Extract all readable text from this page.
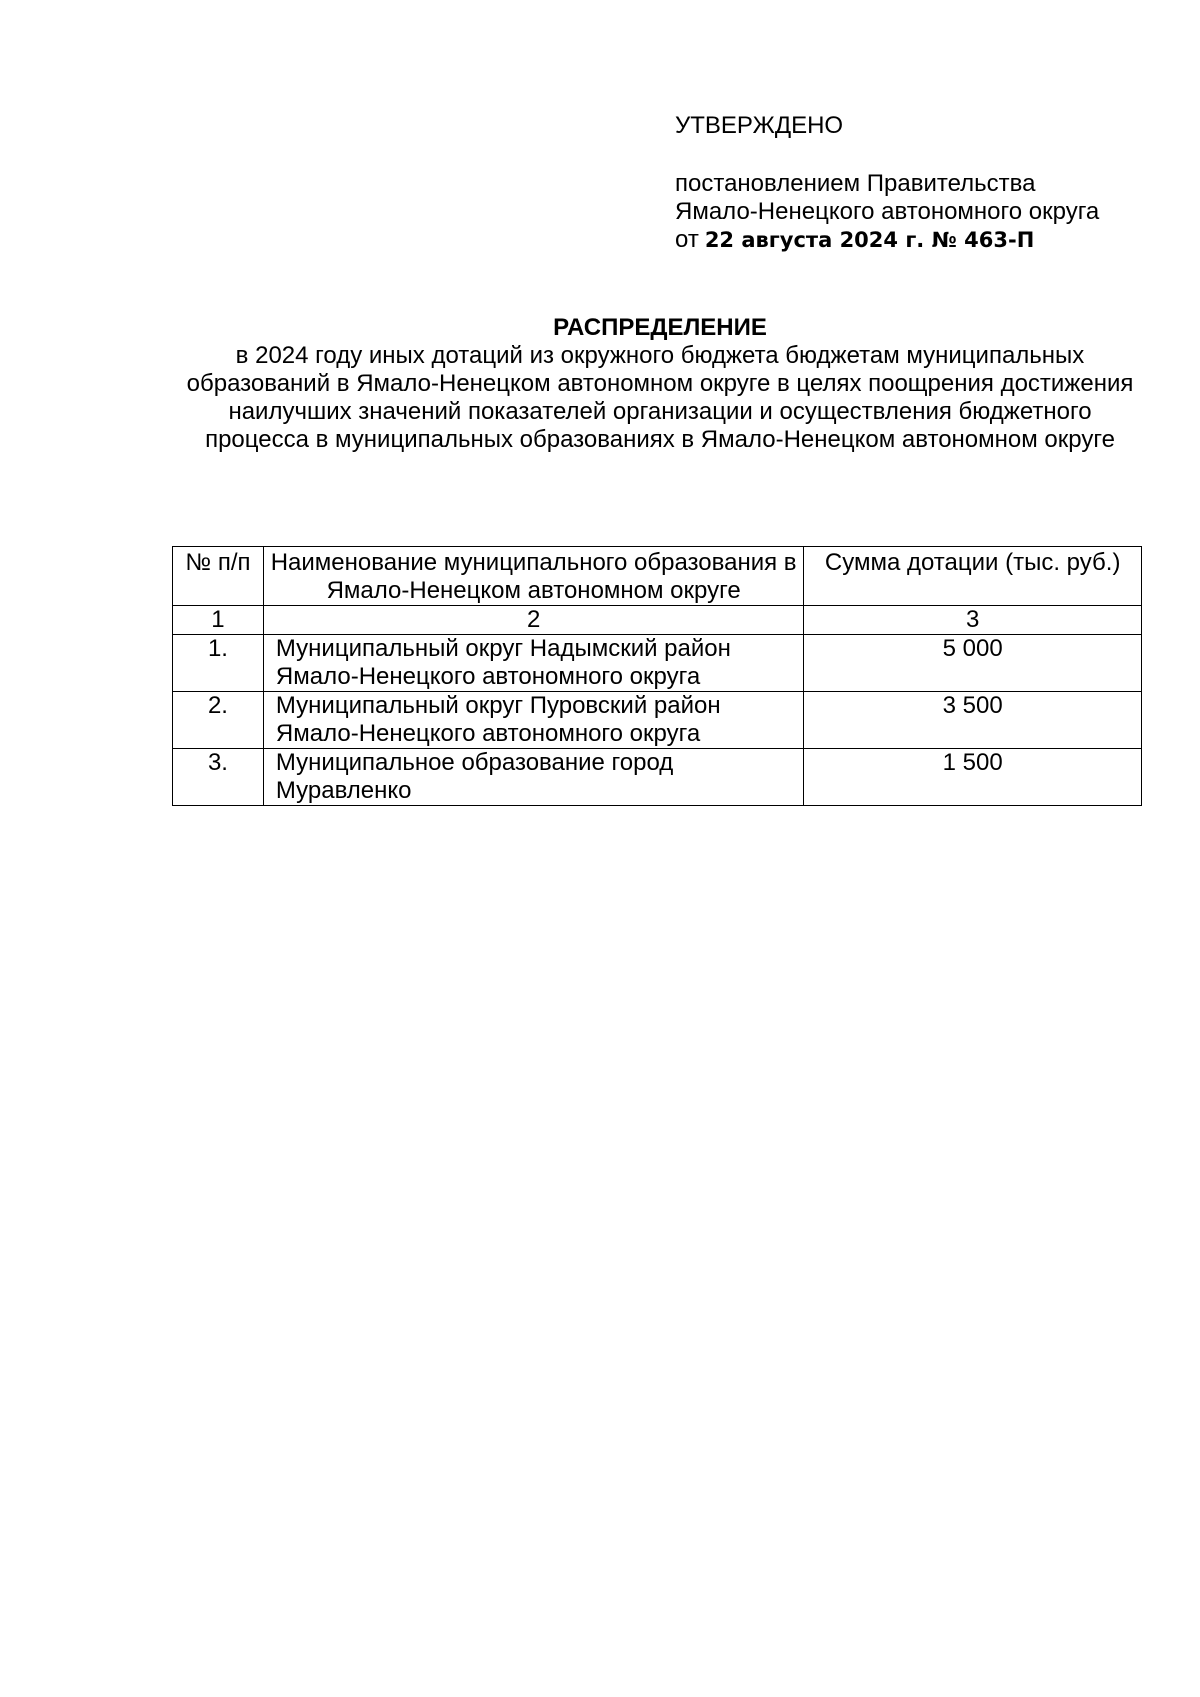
УТВЕРЖДЕНО
постановлением Правительства
Ямало-Ненецкого автономного округа
от 22 августа 2024 г. № 463-П
РАСПРЕДЕЛЕНИЕ
в 2024 году иных дотаций из окружного бюджета бюджетам муниципальных образований в Ямало-Ненецком автономном округе в целях поощрения достижения наилучших значений показателей организации и осуществления бюджетного процесса в муниципальных образованиях в Ямало-Ненецком автономном округе
№ п/п	Наименование муниципального образования в Ямало-Ненецком автономном округе	Сумма дотации (тыс. руб.)
1	2	3
1.	Муниципальный округ Надымский район Ямало-Ненецкого автономного округа	5 000
2.	Муниципальный округ Пуровский район Ямало-Ненецкого автономного округа	3 500
3.	Муниципальное образование город Муравленко	1 500
